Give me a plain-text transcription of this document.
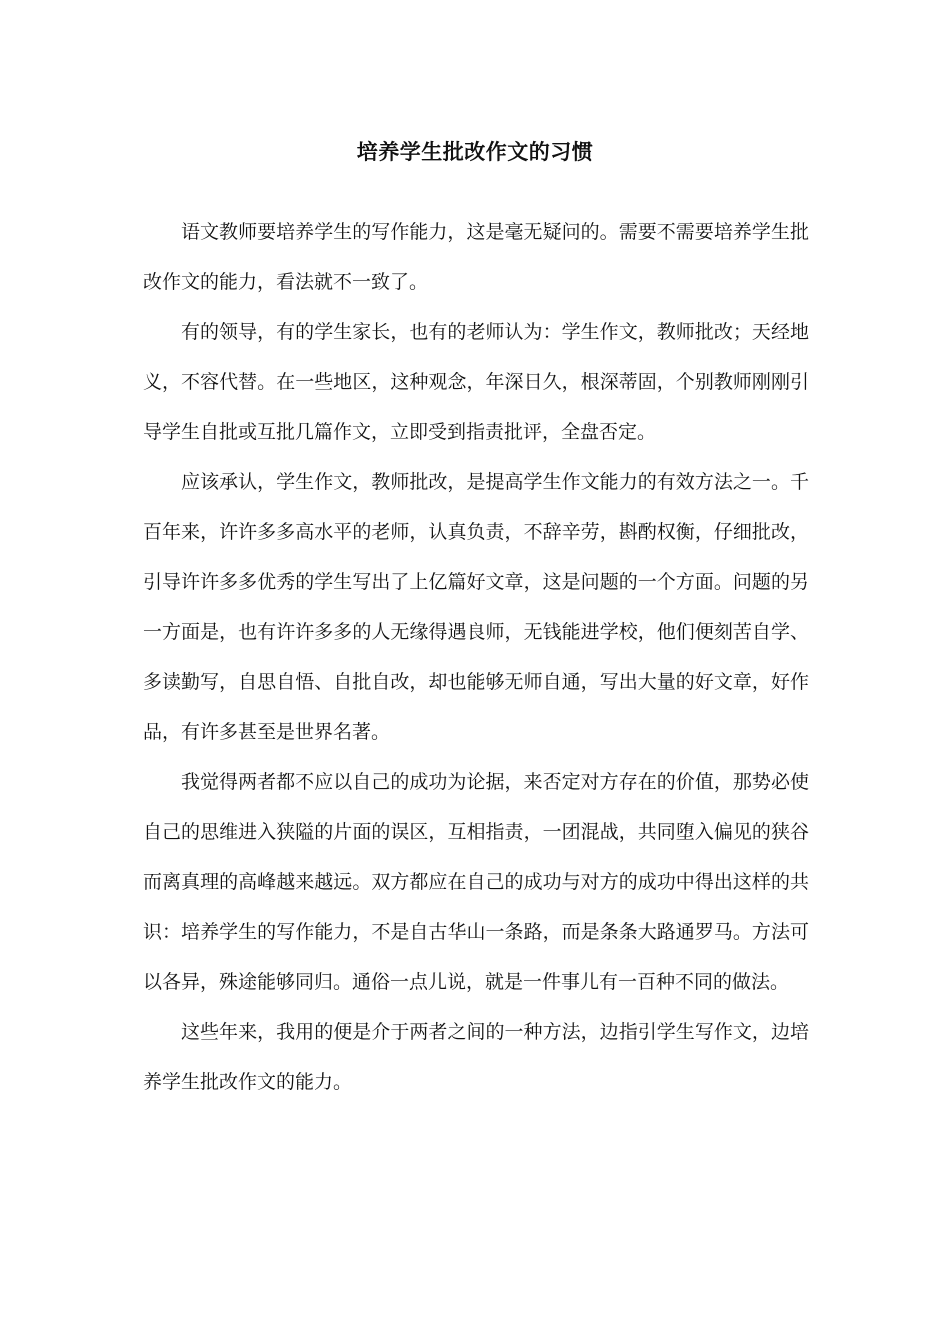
培养学生批改作文的习惯

语文教师要培养学生的写作能力，这是毫无疑问的。需要不需要培养学生批改作文的能力，看法就不一致了。

有的领导，有的学生家长，也有的老师认为：学生作文，教师批改；天经地义，不容代替。在一些地区，这种观念，年深日久，根深蒂固，个别教师刚刚引导学生自批或互批几篇作文，立即受到指责批评，全盘否定。

应该承认，学生作文，教师批改，是提高学生作文能力的有效方法之一。千百年来，许许多多高水平的老师，认真负责，不辞辛劳，斟酌权衡，仔细批改，引导许许多多优秀的学生写出了上亿篇好文章，这是问题的一个方面。问题的另一方面是，也有许许多多的人无缘得遇良师，无钱能进学校，他们便刻苦自学、多读勤写，自思自悟、自批自改，却也能够无师自通，写出大量的好文章，好作品，有许多甚至是世界名著。

我觉得两者都不应以自己的成功为论据，来否定对方存在的价值，那势必使自己的思维进入狭隘的片面的误区，互相指责，一团混战，共同堕入偏见的狭谷而离真理的高峰越来越远。双方都应在自己的成功与对方的成功中得出这样的共识：培养学生的写作能力，不是自古华山一条路，而是条条大路通罗马。方法可以各异，殊途能够同归。通俗一点儿说，就是一件事儿有一百种不同的做法。

这些年来，我用的便是介于两者之间的一种方法，边指引学生写作文，边培养学生批改作文的能力。
